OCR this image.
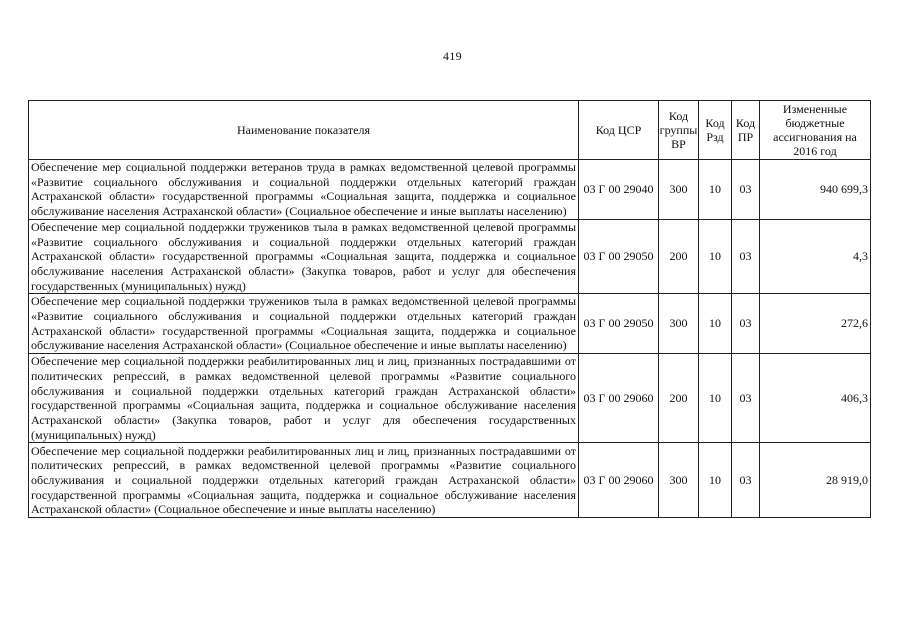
419
Наименование показателя	Код ЦСР	Код группы ВР	Код Рзд	Код ПР	Измененные бюджетные ассигнования на 2016 год
Обеспечение мер социальной поддержки ветеранов труда в рамках ведомственной целевой программы «Развитие социального обслуживания и социальной поддержки отдельных категорий граждан Астраханской области» государственной программы «Социальная защита, поддержка и социальное обслуживание населения Астраханской области» (Социальное обеспечение и иные выплаты населению)	03 Г 00 29040	300	10	03	940 699,3
Обеспечение мер социальной поддержки тружеников тыла в рамках ведомственной целевой программы «Развитие социального обслуживания и социальной поддержки отдельных категорий граждан Астраханской области» государственной программы «Социальная защита, поддержка и социальное обслуживание населения Астраханской области» (Закупка товаров, работ и услуг для обеспечения государственных (муниципальных) нужд)	03 Г 00 29050	200	10	03	4,3
Обеспечение мер социальной поддержки тружеников тыла в рамках ведомственной целевой программы «Развитие социального обслуживания и социальной поддержки отдельных категорий граждан Астраханской области» государственной программы «Социальная защита, поддержка и социальное обслуживание населения Астраханской области» (Социальное обеспечение и иные выплаты населению)	03 Г 00 29050	300	10	03	272,6
Обеспечение мер социальной поддержки реабилитированных лиц и лиц, признанных пострадавшими от политических репрессий, в рамках ведомственной целевой программы «Развитие социального обслуживания и социальной поддержки отдельных категорий граждан Астраханской области» государственной программы «Социальная защита, поддержка и социальное обслуживание населения Астраханской области» (Закупка товаров, работ и услуг для обеспечения государственных (муниципальных) нужд)	03 Г 00 29060	200	10	03	406,3
Обеспечение мер социальной поддержки реабилитированных лиц и лиц, признанных пострадавшими от политических репрессий, в рамках ведомственной целевой программы «Развитие социального обслуживания и социальной поддержки отдельных категорий граждан Астраханской области» государственной программы «Социальная защита, поддержка и социальное обслуживание населения Астраханской области» (Социальное обеспечение и иные выплаты населению)	03 Г 00 29060	300	10	03	28 919,0
